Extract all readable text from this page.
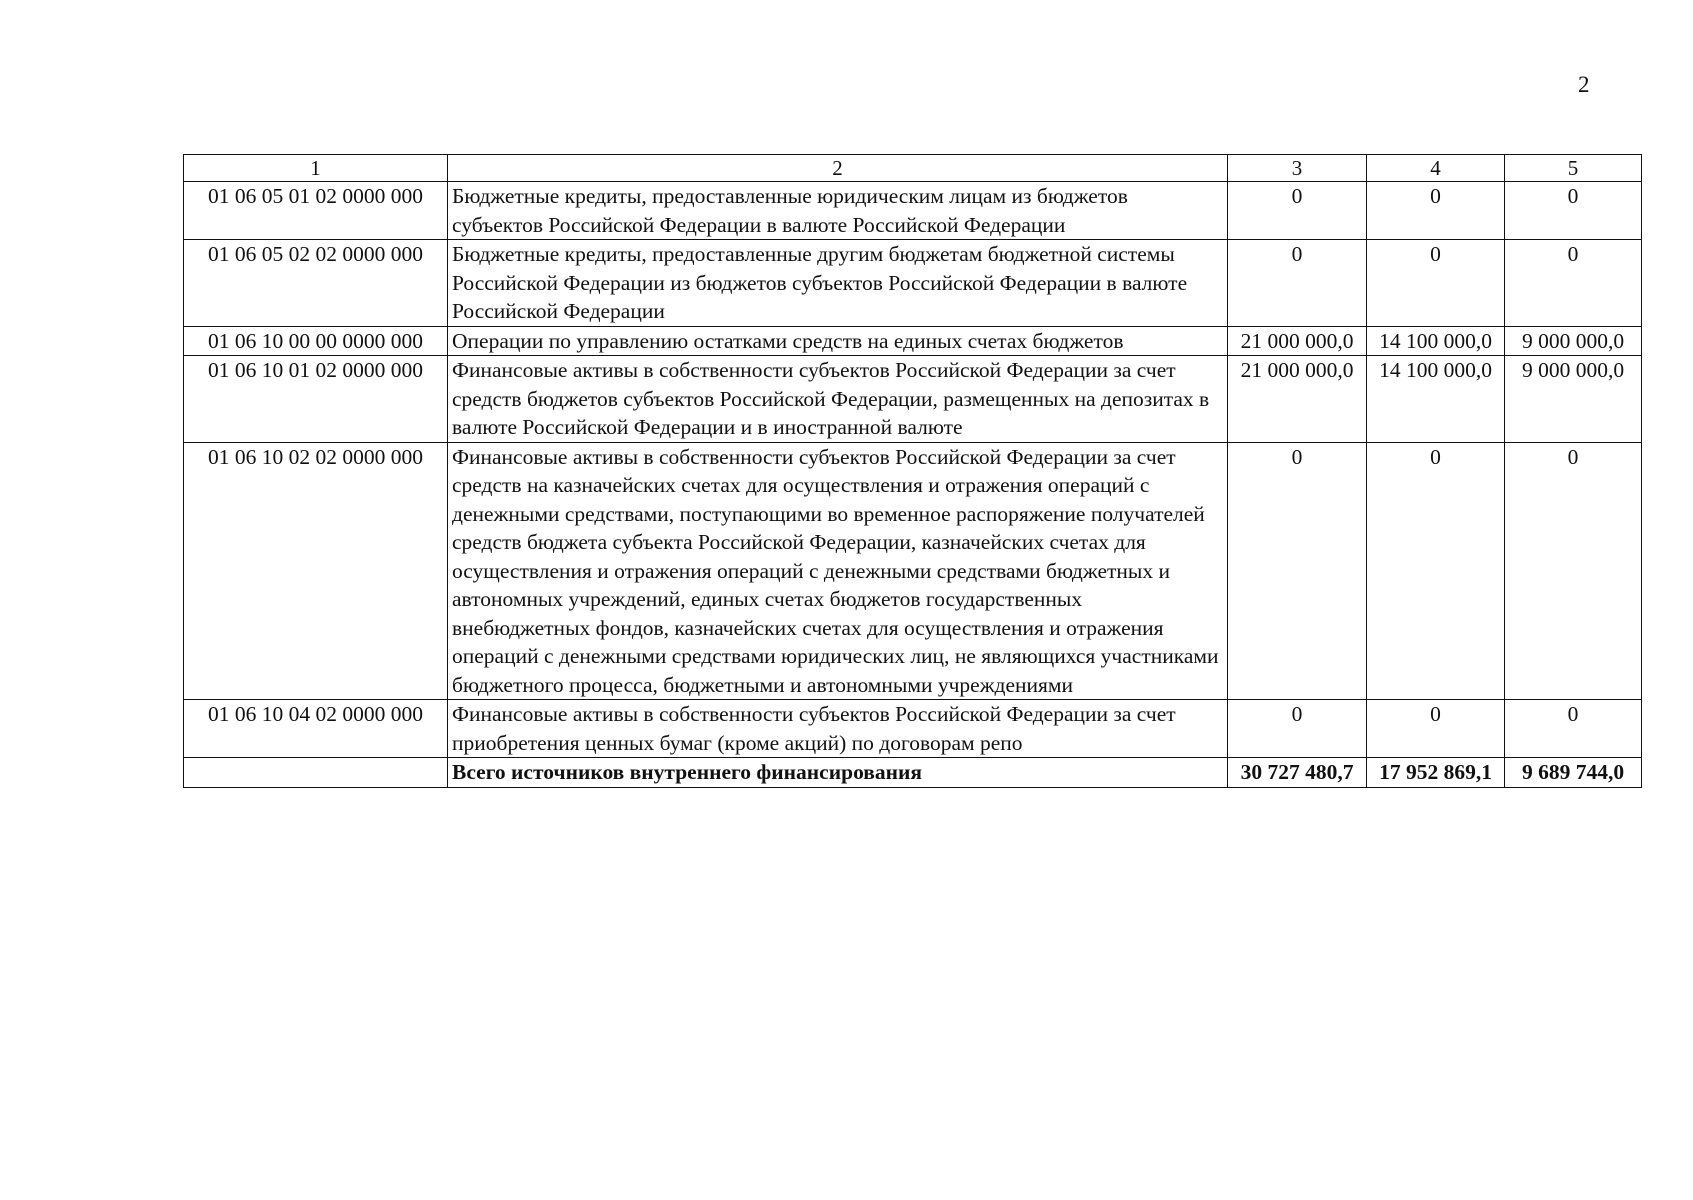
2
1	2	3	4	5
01 06 05 01 02 0000 000	Бюджетные кредиты, предоставленные юридическим лицам из бюджетов субъектов Российской Федерации в валюте Российской Федерации	0	0	0
01 06 05 02 02 0000 000	Бюджетные кредиты, предоставленные другим бюджетам бюджетной системы Российской Федерации из бюджетов субъектов Российской Федерации в валюте Российской Федерации	0	0	0
01 06 10 00 00 0000 000	Операции по управлению остатками средств на единых счетах бюджетов	21 000 000,0	14 100 000,0	9 000 000,0
01 06 10 01 02 0000 000	Финансовые активы в собственности субъектов Российской Федерации за счет средств бюджетов субъектов Российской Федерации, размещенных на депозитах в валюте Российской Федерации и в иностранной валюте	21 000 000,0	14 100 000,0	9 000 000,0
01 06 10 02 02 0000 000	Финансовые активы в собственности субъектов Российской Федерации за счет средств на казначейских счетах для осуществления и отражения операций с денежными средствами, поступающими во временное распоряжение получателей средств бюджета субъекта Российской Федерации, казначейских счетах для осуществления и отражения операций с денежными средствами бюджетных и автономных учреждений, единых счетах бюджетов государственных внебюджетных фондов, казначейских счетах для осуществления и отражения операций с денежными средствами юридических лиц, не являющихся участниками бюджетного процесса, бюджетными и автономными учреждениями	0	0	0
01 06 10 04 02 0000 000	Финансовые активы в собственности субъектов Российской Федерации за счет приобретения ценных бумаг (кроме акций) по договорам репо	0	0	0
	Всего источников внутреннего финансирования	30 727 480,7	17 952 869,1	9 689 744,0
